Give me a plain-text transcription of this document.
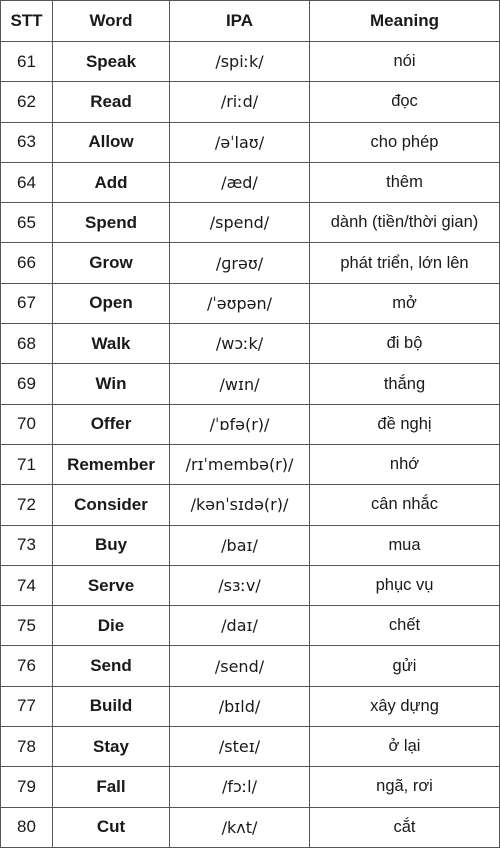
STT	Word	IPA	Meaning
61	Speak	/spiːk/	nói
62	Read	/riːd/	đọc
63	Allow	/əˈlaʊ/	cho phép
64	Add	/æd/	thêm
65	Spend	/spend/	dành (tiền/thời gian)
66	Grow	/ɡrəʊ/	phát triển, lớn lên
67	Open	/ˈəʊpən/	mở
68	Walk	/wɔːk/	đi bộ
69	Win	/wɪn/	thắng
70	Offer	/ˈɒfə(r)/	đề nghị
71	Remember	/rɪˈmembə(r)/	nhớ
72	Consider	/kənˈsɪdə(r)/	cân nhắc
73	Buy	/baɪ/	mua
74	Serve	/sɜːv/	phục vụ
75	Die	/daɪ/	chết
76	Send	/send/	gửi
77	Build	/bɪld/	xây dựng
78	Stay	/steɪ/	ở lại
79	Fall	/fɔːl/	ngã, rơi
80	Cut	/kʌt/	cắt
